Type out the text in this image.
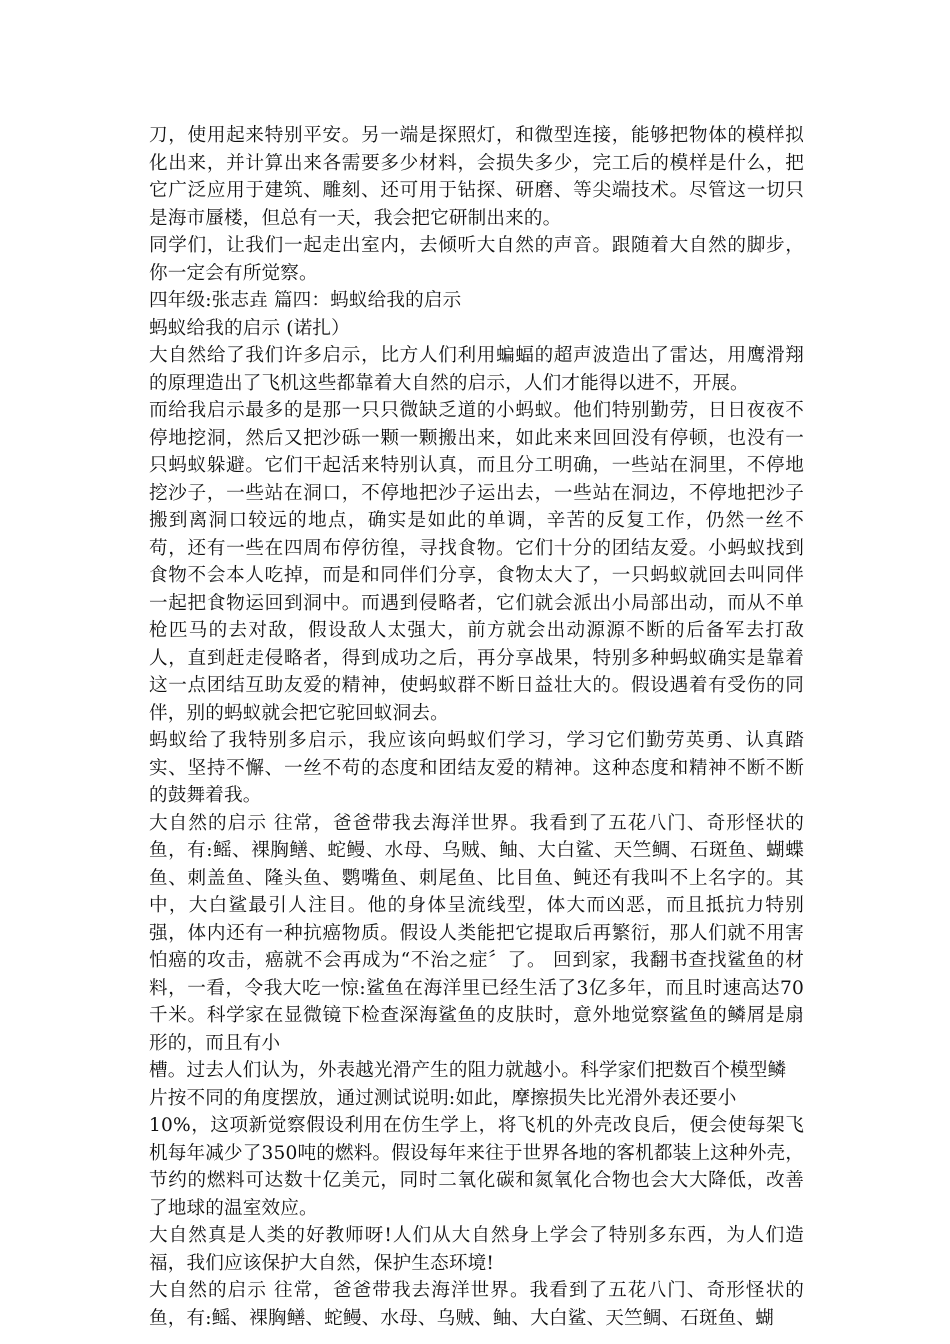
刀，使用起来特别平安。另一端是探照灯，和微型连接，能够把物体的模样拟化出来，并计算出来各需要多少材料，会损失多少，完工后的模样是什么，把它广泛应用于建筑、雕刻、还可用于钻探、研磨、等尖端技术。尽管这一切只是海市蜃楼，但总有一天，我会把它研制出来的。

同学们，让我们一起走出室内，去倾听大自然的声音。跟随着大自然的脚步，你一定会有所觉察。

四年级:张志垚 篇四：蚂蚁给我的启示

蚂蚁给我的启示 (诺扎）

大自然给了我们许多启示，比方人们利用蝙蝠的超声波造出了雷达，用鹰滑翔的原理造出了飞机这些都靠着大自然的启示，人们才能得以进不，开展。

而给我启示最多的是那一只只微缺乏道的小蚂蚁。他们特别勤劳，日日夜夜不停地挖洞，然后又把沙砾一颗一颗搬出来，如此来来回回没有停顿，也没有一只蚂蚁躲避。它们干起活来特别认真，而且分工明确，一些站在洞里，不停地挖沙子，一些站在洞口，不停地把沙子运出去，一些站在洞边，不停地把沙子搬到离洞口较远的地点，确实是如此的单调，辛苦的反复工作，仍然一丝不苟，还有一些在四周布停彷徨，寻找食物。它们十分的团结友爱。小蚂蚁找到食物不会本人吃掉，而是和同伴们分享，食物太大了，一只蚂蚁就回去叫同伴一起把食物运回到洞中。而遇到侵略者，它们就会派出小局部出动，而从不单枪匹马的去对敌，假设敌人太强大，前方就会出动源源不断的后备军去打敌人，直到赶走侵略者，得到成功之后，再分享战果，特别多种蚂蚁确实是靠着这一点团结互助友爱的精神，使蚂蚁群不断日益壮大的。假设遇着有受伤的同伴，别的蚂蚁就会把它驼回蚁洞去。

蚂蚁给了我特别多启示，我应该向蚂蚁们学习，学习它们勤劳英勇、认真踏实、坚持不懈、一丝不苟的态度和团结友爱的精神。这种态度和精神不断不断的鼓舞着我。

大自然的启示 往常，爸爸带我去海洋世界。我看到了五花八门、奇形怪状的鱼，有:鳐、裸胸鳝、蛇鳗、水母、乌贼、鲉、大白鲨、天竺鲷、石斑鱼、蝴蝶鱼、刺盖鱼、隆头鱼、鹦嘴鱼、刺尾鱼、比目鱼、鲀还有我叫不上名字的。其中，大白鲨最引人注目。他的身体呈流线型，体大而凶恶，而且抵抗力特别强，体内还有一种抗癌物质。假设人类能把它提取后再繁衍，那人们就不用害怕癌的攻击，癌就不会再成为“不治之症〞了。 回到家，我翻书查找鲨鱼的材料，一看，令我大吃一惊:鲨鱼在海洋里已经生活了3亿多年，而且时速高达70千米。科学家在显微镜下检查深海鲨鱼的皮肤时，意外地觉察鲨鱼的鳞屑是扇形的，而且有小

槽。过去人们认为，外表越光滑产生的阻力就越小。科学家们把数百个模型鳞片按不同的角度摆放，通过测试说明:如此，摩擦损失比光滑外表还要小

10%，这项新觉察假设利用在仿生学上，将飞机的外壳改良后，便会使每架飞机每年减少了350吨的燃料。假设每年来往于世界各地的客机都装上这种外壳，节约的燃料可达数十亿美元，同时二氧化碳和氮氧化合物也会大大降低，改善了地球的温室效应。

大自然真是人类的好教师呀!人们从大自然身上学会了特别多东西，为人们造福，我们应该保护大自然，保护生态环境!

大自然的启示 往常，爸爸带我去海洋世界。我看到了五花八门、奇形怪状的鱼，有:鳐、裸胸鳝、蛇鳗、水母、乌贼、鲉、大白鲨、天竺鲷、石斑鱼、蝴
